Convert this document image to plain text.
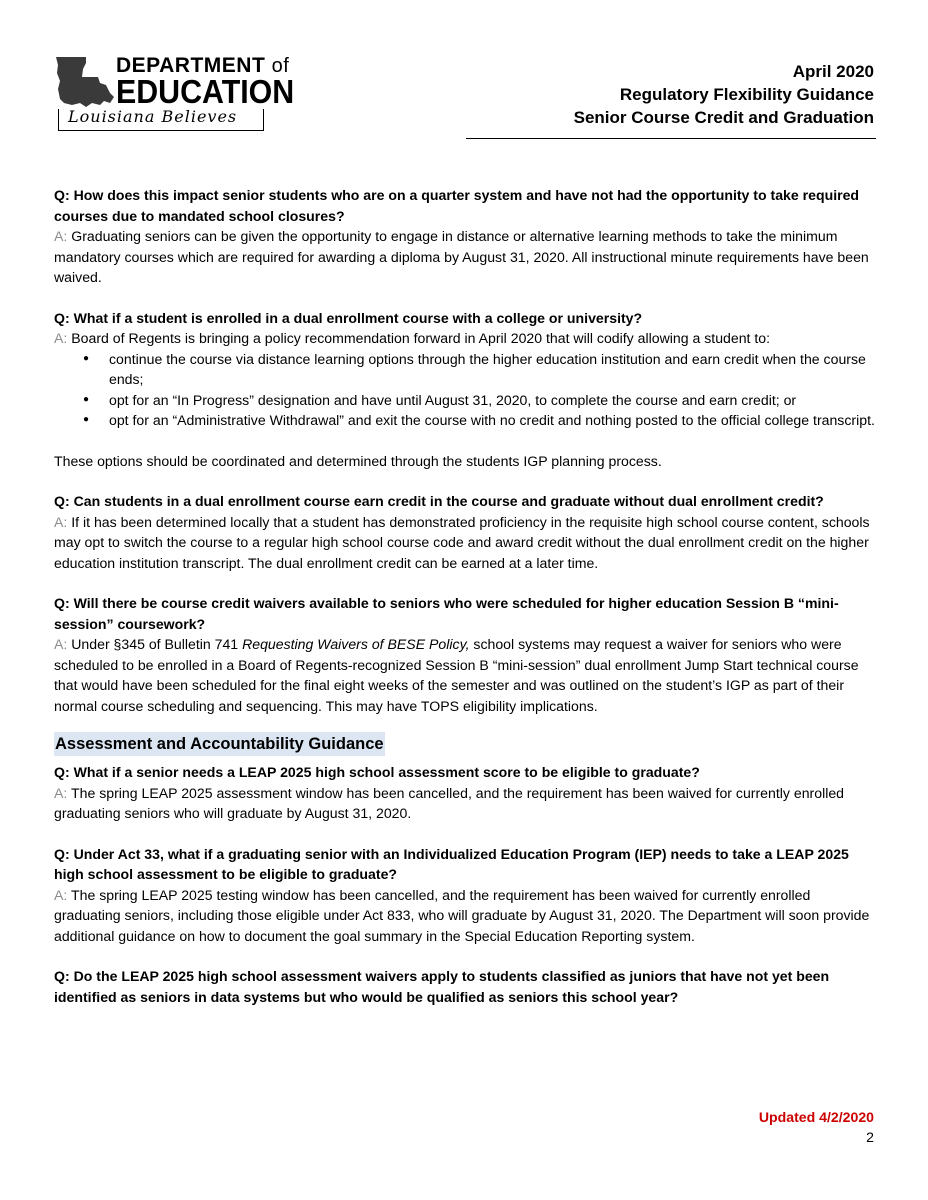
DEPARTMENT of
EDUCATION
Louisiana Believes
April 2020
Regulatory Flexibility Guidance
Senior Course Credit and Graduation

Q: How does this impact senior students who are on a quarter system and have not had the opportunity to take required courses due to mandated school closures?

A: Graduating seniors can be given the opportunity to engage in distance or alternative learning methods to take the minimum mandatory courses which are required for awarding a diploma by August 31, 2020. All instructional minute requirements have been waived.

Q: What if a student is enrolled in a dual enrollment course with a college or university?

A: Board of Regents is bringing a policy recommendation forward in April 2020 that will codify allowing a student to:

● continue the course via distance learning options through the higher education institution and earn credit when the course ends;
● opt for an “In Progress” designation and have until August 31, 2020, to complete the course and earn credit; or
● opt for an “Administrative Withdrawal” and exit the course with no credit and nothing posted to the official college transcript.

These options should be coordinated and determined through the students IGP planning process.

Q: Can students in a dual enrollment course earn credit in the course and graduate without dual enrollment credit?

A: If it has been determined locally that a student has demonstrated proficiency in the requisite high school course content, schools may opt to switch the course to a regular high school course code and award credit without the dual enrollment credit on the higher education institution transcript. The dual enrollment credit can be earned at a later time.

Q: Will there be course credit waivers available to seniors who were scheduled for higher education Session B “mini-session” coursework?

A: Under §345 of Bulletin 741 Requesting Waivers of BESE Policy, school systems may request a waiver for seniors who were scheduled to be enrolled in a Board of Regents-recognized Session B “mini-session” dual enrollment Jump Start technical course that would have been scheduled for the final eight weeks of the semester and was outlined on the student’s IGP as part of their normal course scheduling and sequencing. This may have TOPS eligibility implications.

Assessment and Accountability Guidance

Q: What if a senior needs a LEAP 2025 high school assessment score to be eligible to graduate?

A: The spring LEAP 2025 assessment window has been cancelled, and the requirement has been waived for currently enrolled graduating seniors who will graduate by August 31, 2020.

Q: Under Act 33, what if a graduating senior with an Individualized Education Program (IEP) needs to take a LEAP 2025 high school assessment to be eligible to graduate?

A: The spring LEAP 2025 testing window has been cancelled, and the requirement has been waived for currently enrolled graduating seniors, including those eligible under Act 833, who will graduate by August 31, 2020. The Department will soon provide additional guidance on how to document the goal summary in the Special Education Reporting system.

Q: Do the LEAP 2025 high school assessment waivers apply to students classified as juniors that have not yet been identified as seniors in data systems but who would be qualified as seniors this school year?

Updated 4/2/2020
2
